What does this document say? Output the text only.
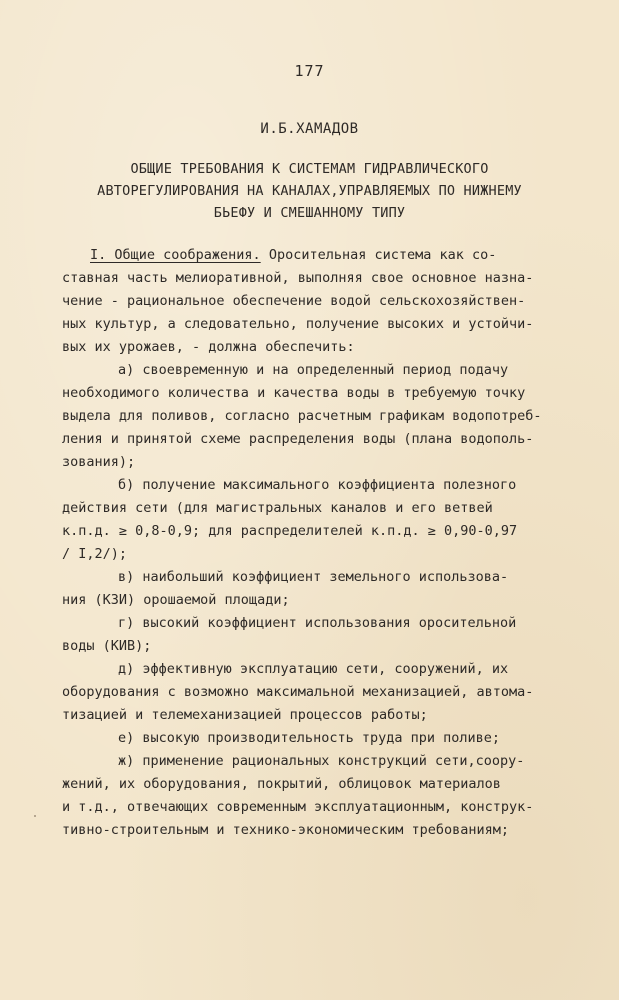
177
И.Б.ХАМАДОВ
ОБЩИЕ ТРЕБОВАНИЯ К СИСТЕМАМ ГИДРАВЛИЧЕСКОГО
АВТОРЕГУЛИРОВАНИЯ НА КАНАЛАХ,УПРАВЛЯЕМЫХ ПО НИЖНЕМУ
БЬЕФУ И СМЕШАННОМУ ТИПУ
I. Общие соображения. Оросительная система как со-
ставная часть мелиоративной, выполняя свое основное назна-
чение - рациональное обеспечение водой сельскохозяйствен-
ных культур, а следовательно, получение высоких и устойчи-
вых их урожаев, - должна обеспечить:
а) своевременную и на определенный период подачу
необходимого количества и качества воды в требуемую точку
выдела для поливов, согласно расчетным графикам водопотреб-
ления и принятой схеме распределения воды (плана водополь-
зования);
б) получение максимального коэффициента полезного
действия сети (для магистральных каналов и его ветвей
к.п.д. ≥ 0,8-0,9; для распределителей к.п.д. ≥ 0,90-0,97
/ I,2/);
в) наибольший коэффициент земельного использова-
ния (КЗИ) орошаемой площади;
г) высокий коэффициент использования оросительной
воды (КИВ);
д) эффективную эксплуатацию сети, сооружений, их
оборудования с возможно максимальной механизацией, автома-
тизацией и телемеханизацией процессов работы;
е) высокую производительность труда при поливе;
ж) применение рациональных конструкций сети,соору-
жений, их оборудования, покрытий, облицовок материалов
и т.д., отвечающих современным эксплуатационным, конструк-
тивно-строительным и технико-экономическим требованиям;
